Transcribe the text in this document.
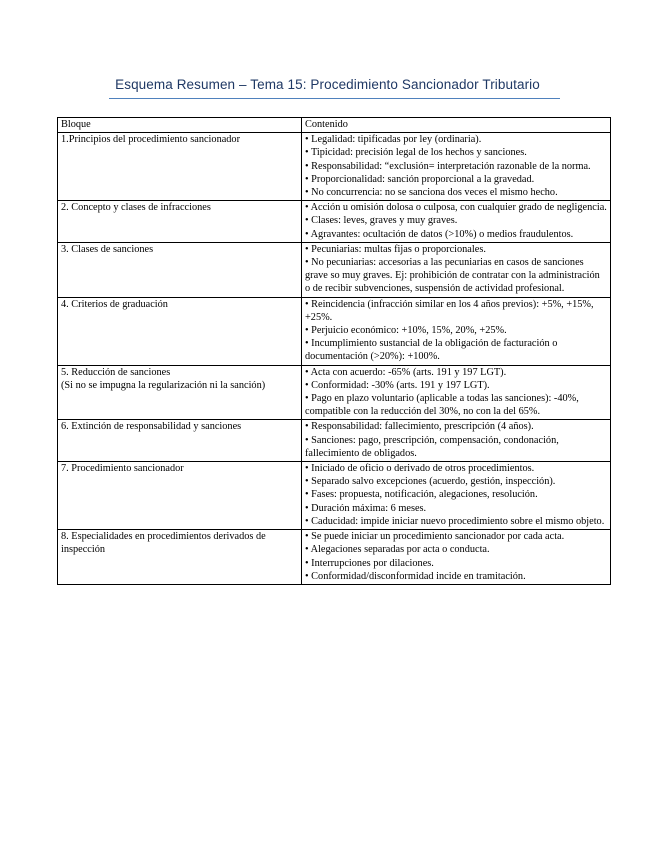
Esquema Resumen – Tema 15: Procedimiento Sancionador Tributario
Bloque	Contenido

1.Principios del procedimiento sancionador	• Legalidad: tipificadas por ley (ordinaria).
• Tipicidad: precisión legal de los hechos y sanciones.
• Responsabilidad: “exclusión= interpretación razonable de la norma.
• Proporcionalidad: sanción proporcional a la gravedad.
• No concurrencia: no se sanciona dos veces el mismo hecho.

2. Concepto y clases de infracciones	• Acción u omisión dolosa o culposa, con cualquier grado de negligencia.
• Clases: leves, graves y muy graves.
• Agravantes: ocultación de datos (>10%) o medios fraudulentos.

3. Clases de sanciones	• Pecuniarias: multas fijas o proporcionales.
• No pecuniarias: accesorias a las pecuniarias en casos de sanciones grave so muy graves. Ej: prohibición de contratar con la administración o de recibir subvenciones, suspensión de actividad profesional.

4. Criterios de graduación	• Reincidencia (infracción similar en los 4 años previos): +5%, +15%, +25%.
• Perjuicio económico: +10%, 15%, 20%, +25%.
• Incumplimiento sustancial de la obligación de facturación o documentación (>20%): +100%.

5. Reducción de sanciones
(Si no se impugna la regularización ni la sanción)	• Acta con acuerdo: -65% (arts. 191 y 197 LGT).
• Conformidad: -30% (arts. 191 y 197 LGT).
• Pago en plazo voluntario (aplicable a todas las sanciones): -40%, compatible con la reducción del 30%, no con la del 65%.

6. Extinción de responsabilidad y sanciones	• Responsabilidad: fallecimiento, prescripción (4 años).
• Sanciones: pago, prescripción, compensación, condonación, fallecimiento de obligados.

7. Procedimiento sancionador	• Iniciado de oficio o derivado de otros procedimientos.
• Separado salvo excepciones (acuerdo, gestión, inspección).
• Fases: propuesta, notificación, alegaciones, resolución.
• Duración máxima: 6 meses.
• Caducidad: impide iniciar nuevo procedimiento sobre el mismo objeto.

8. Especialidades en procedimientos derivados de inspección	• Se puede iniciar un procedimiento sancionador por cada acta.
• Alegaciones separadas por acta o conducta.
• Interrupciones por dilaciones.
• Conformidad/disconformidad incide en tramitación.
